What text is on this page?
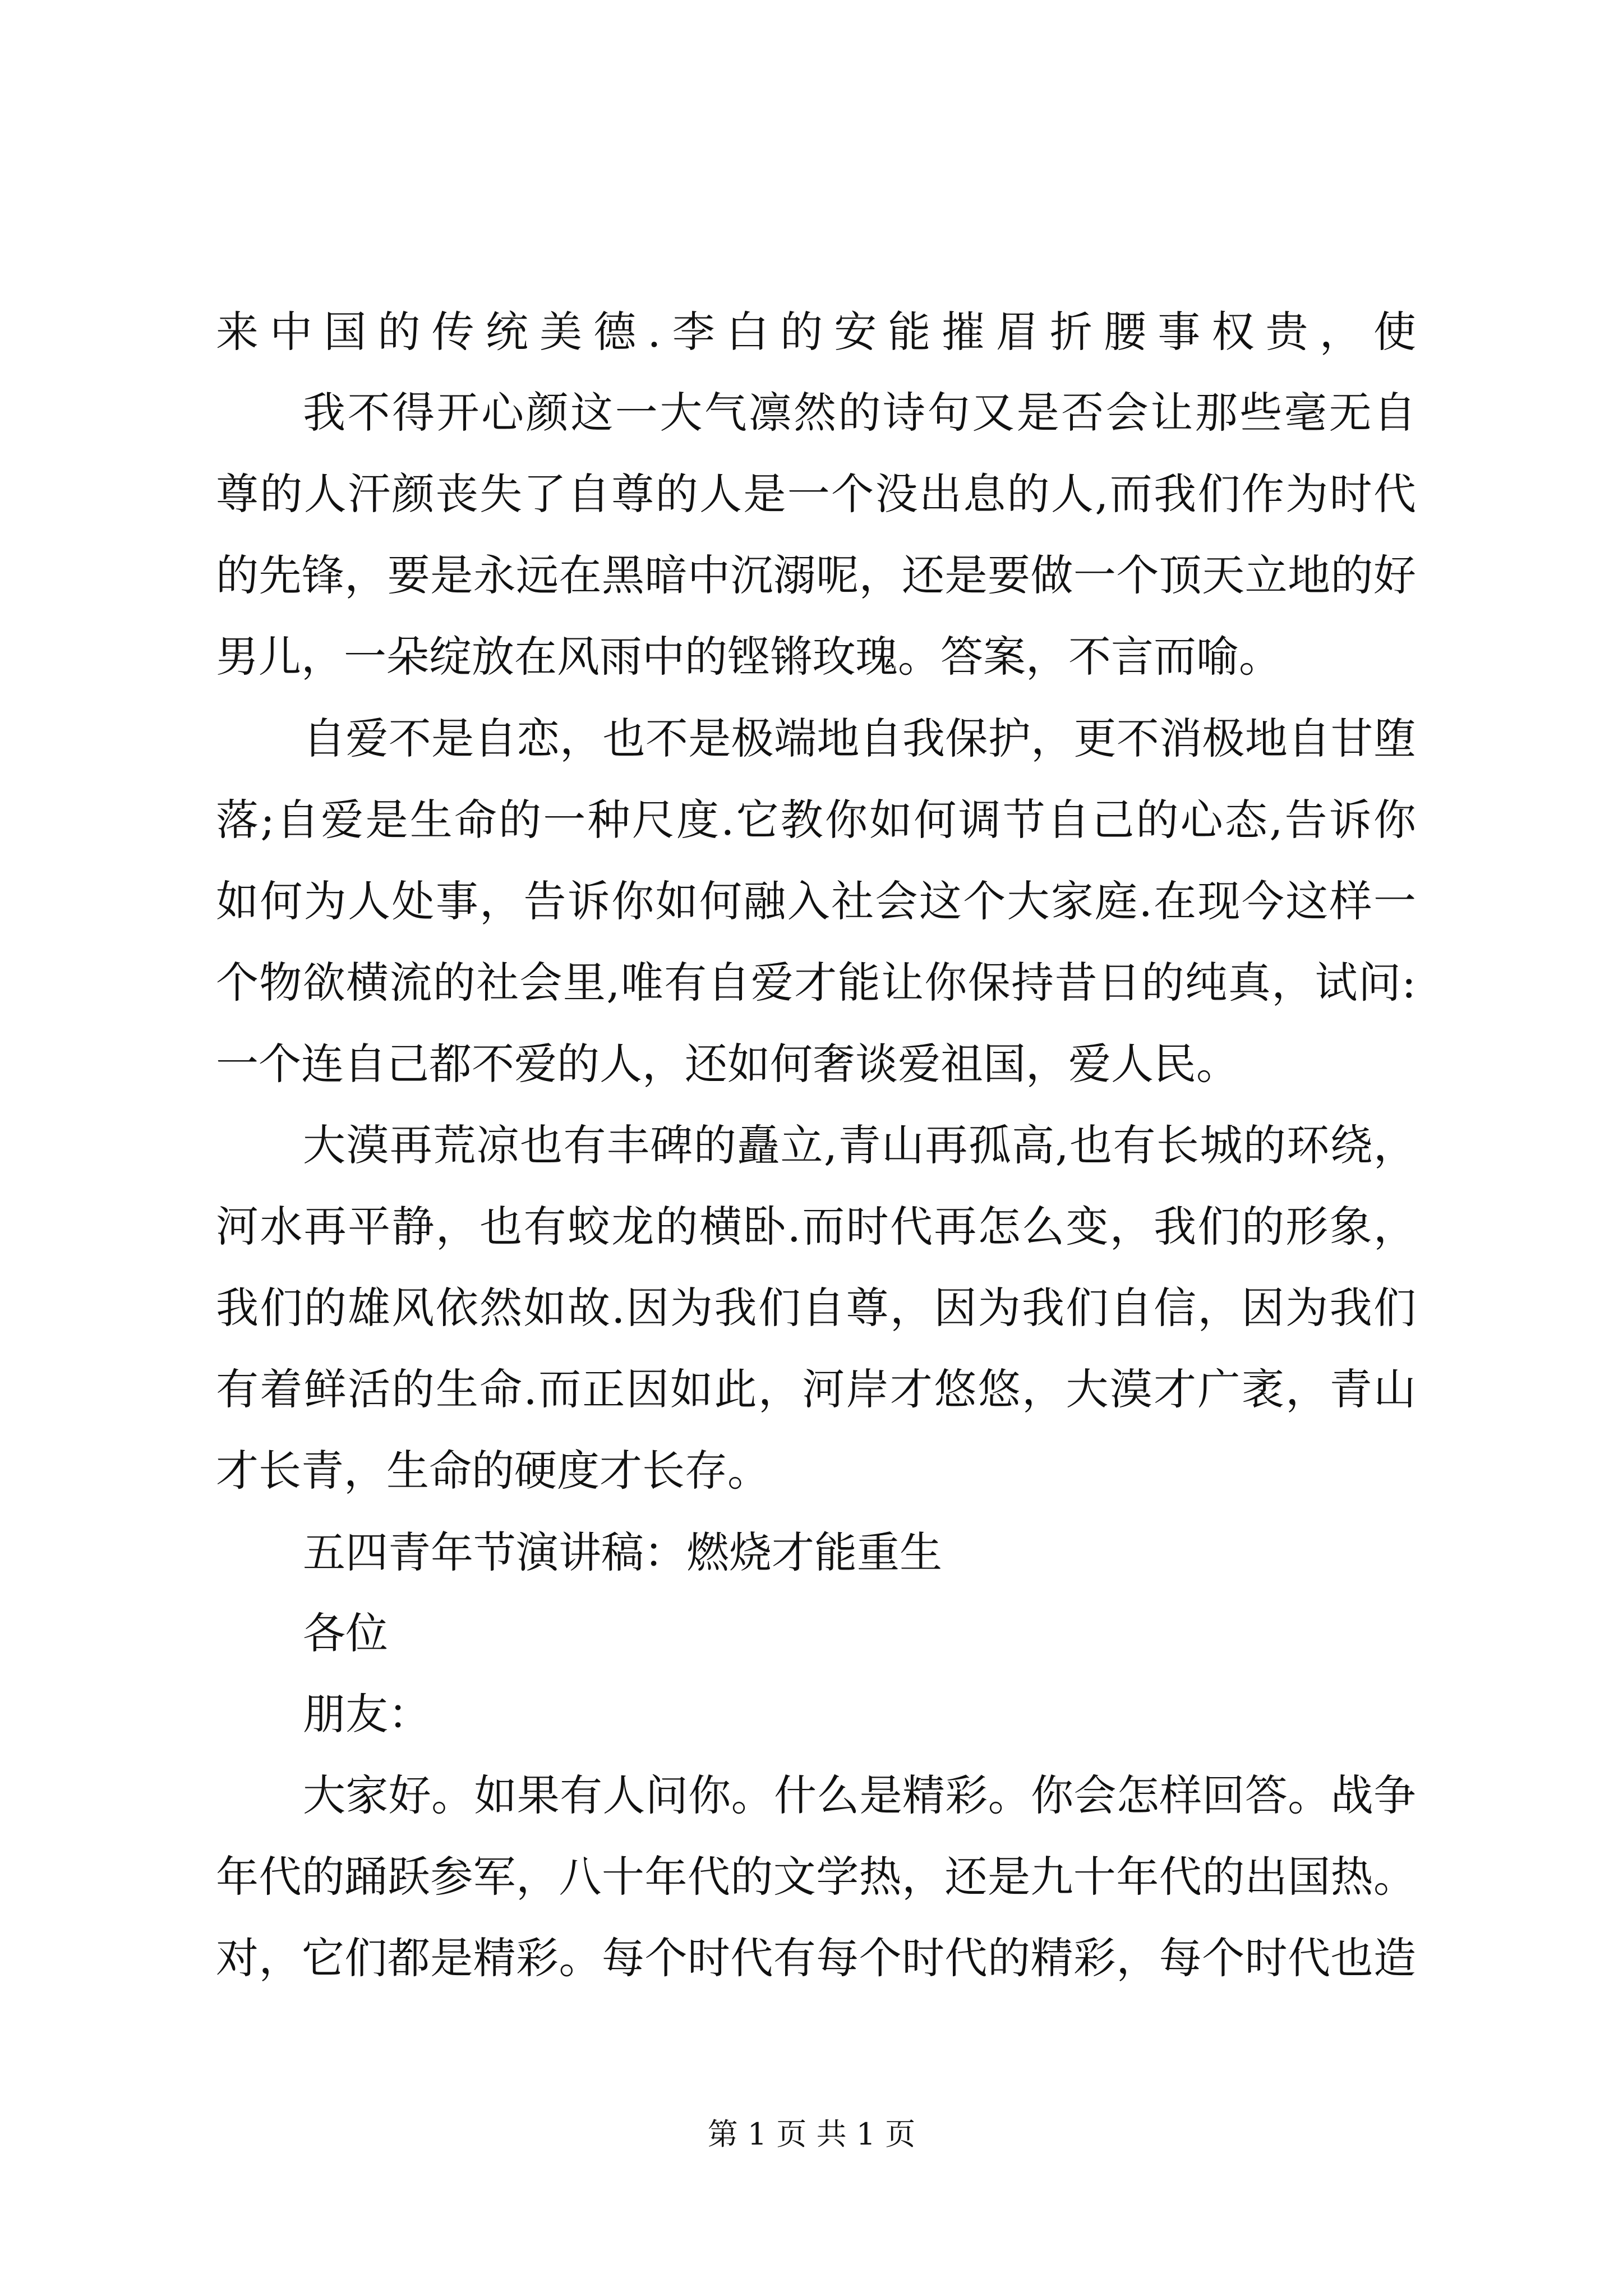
来中国的传统美德.李白的安能摧眉折腰事权贵，使
我不得开心颜这一大气凛然的诗句又是否会让那些毫无自
尊的人汗颜丧失了自尊的人是一个没出息的人,而我们作为时代
的先锋，要是永远在黑暗中沉溺呢，还是要做一个顶天立地的好
男儿，一朵绽放在风雨中的铿锵玫瑰。答案，不言而喻。
自爱不是自恋，也不是极端地自我保护，更不消极地自甘堕
落;自爱是生命的一种尺度.它教你如何调节自己的心态,告诉你
如何为人处事，告诉你如何融入社会这个大家庭.在现今这样一
个物欲横流的社会里,唯有自爱才能让你保持昔日的纯真，试问:
一个连自己都不爱的人，还如何奢谈爱祖国，爱人民。
大漠再荒凉也有丰碑的矗立,青山再孤高,也有长城的环绕，
河水再平静，也有蛟龙的横卧.而时代再怎么变，我们的形象，
我们的雄风依然如故.因为我们自尊，因为我们自信，因为我们
有着鲜活的生命.而正因如此，河岸才悠悠，大漠才广袤，青山
才长青，生命的硬度才长存。
五四青年节演讲稿：燃烧才能重生
各位
朋友：
大家好。如果有人问你。什么是精彩。你会怎样回答。战争
年代的踊跃参军，八十年代的文学热，还是九十年代的出国热。
对，它们都是精彩。每个时代有每个时代的精彩，每个时代也造
第 1 页 共 1 页
